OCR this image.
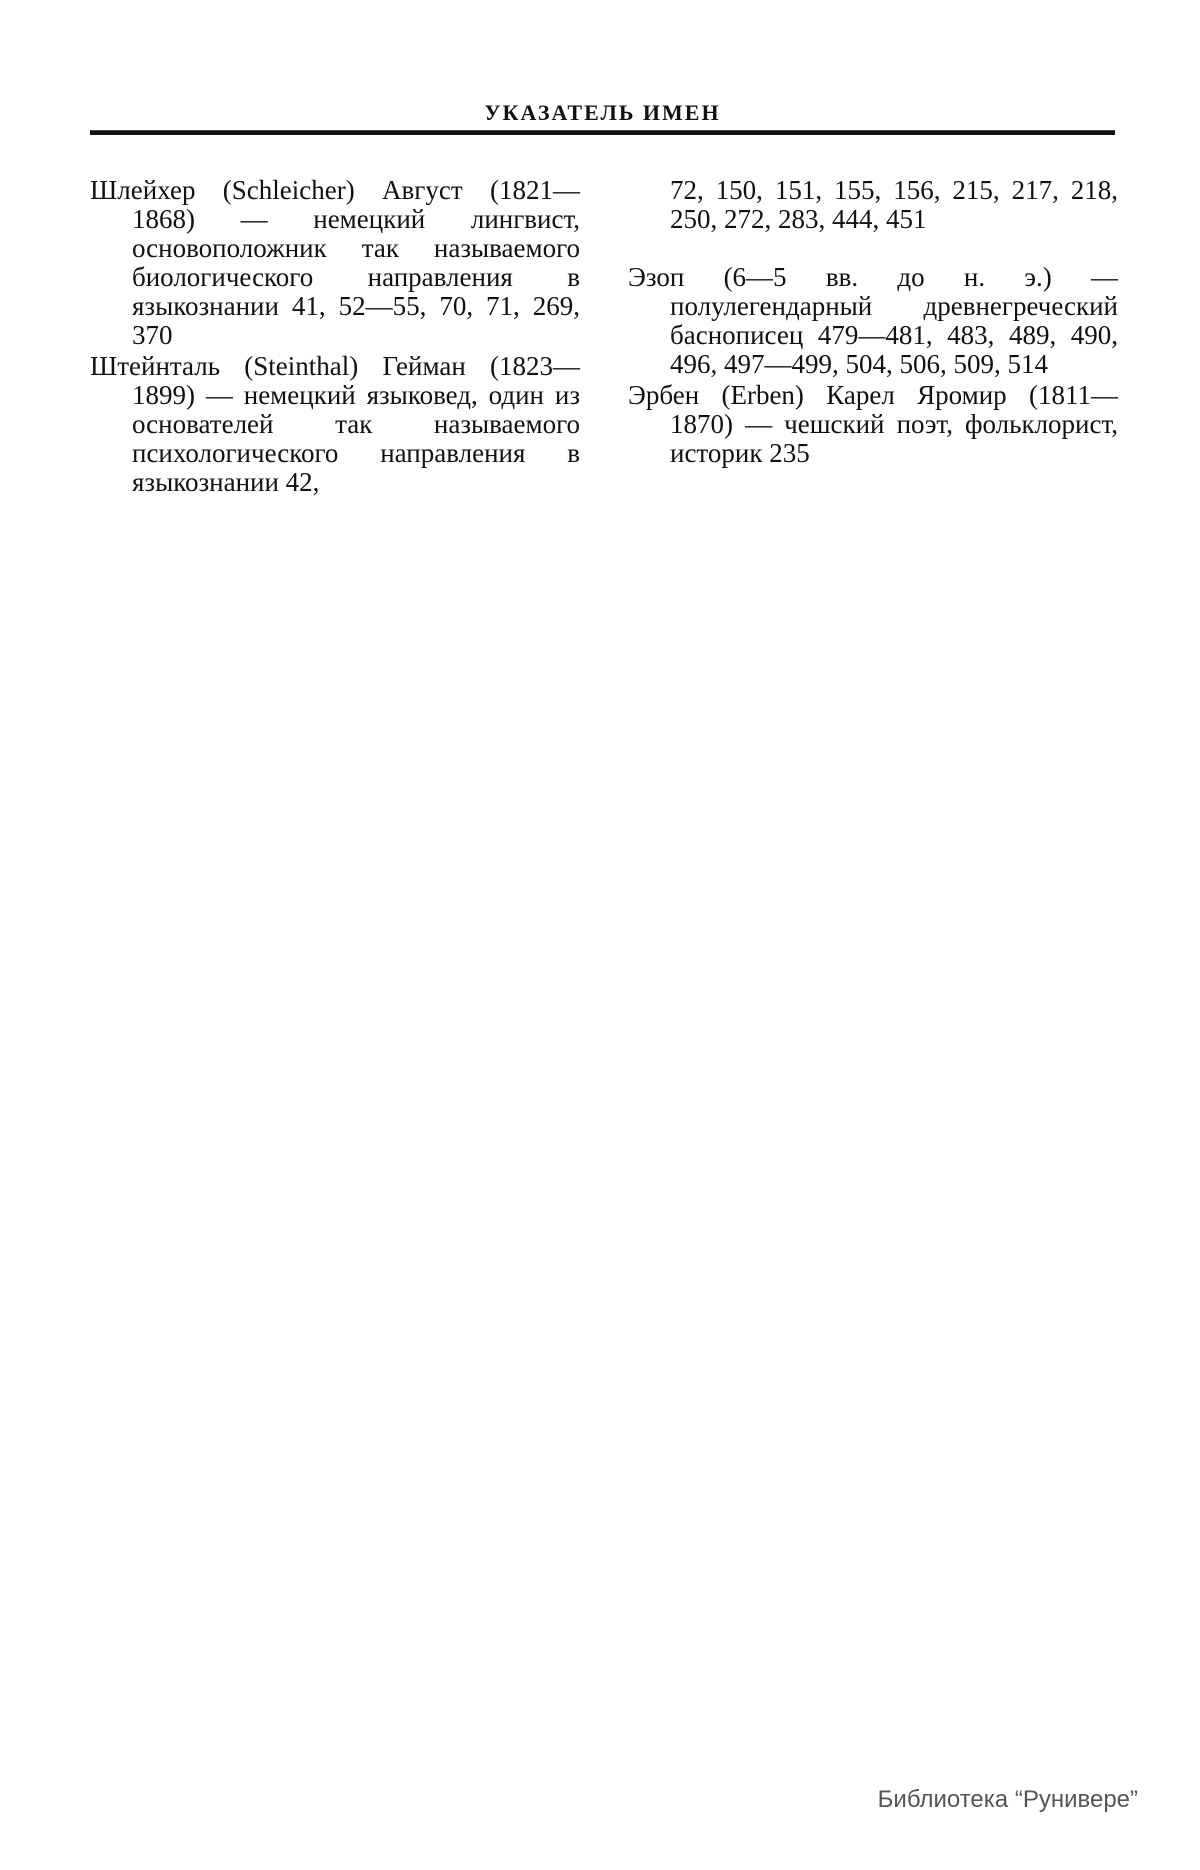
УКАЗАТЕЛЬ ИМЕН

Шлейхер (Schleicher) Август (1821—1868) — немецкий лингвист, основоположник так называемого биологического направления в языкознании 41, 52—55, 70, 71, 269, 370

Штейнталь (Steinthal) Гейман (1823—1899) — немецкий языковед, один из основателей так называемого психологического направления в языкознании 42,

72, 150, 151, 155, 156, 215, 217, 218, 250, 272, 283, 444, 451

Эзоп (6—5 вв. до н. э.) — полулегендарный древнегреческий баснописец 479—481, 483, 489, 490, 496, 497—499, 504, 506, 509, 514

Эрбен (Erben) Карел Яромир (1811—1870) — чешский поэт, фольклорист, историк 235

Библиотека “Рунивере”
